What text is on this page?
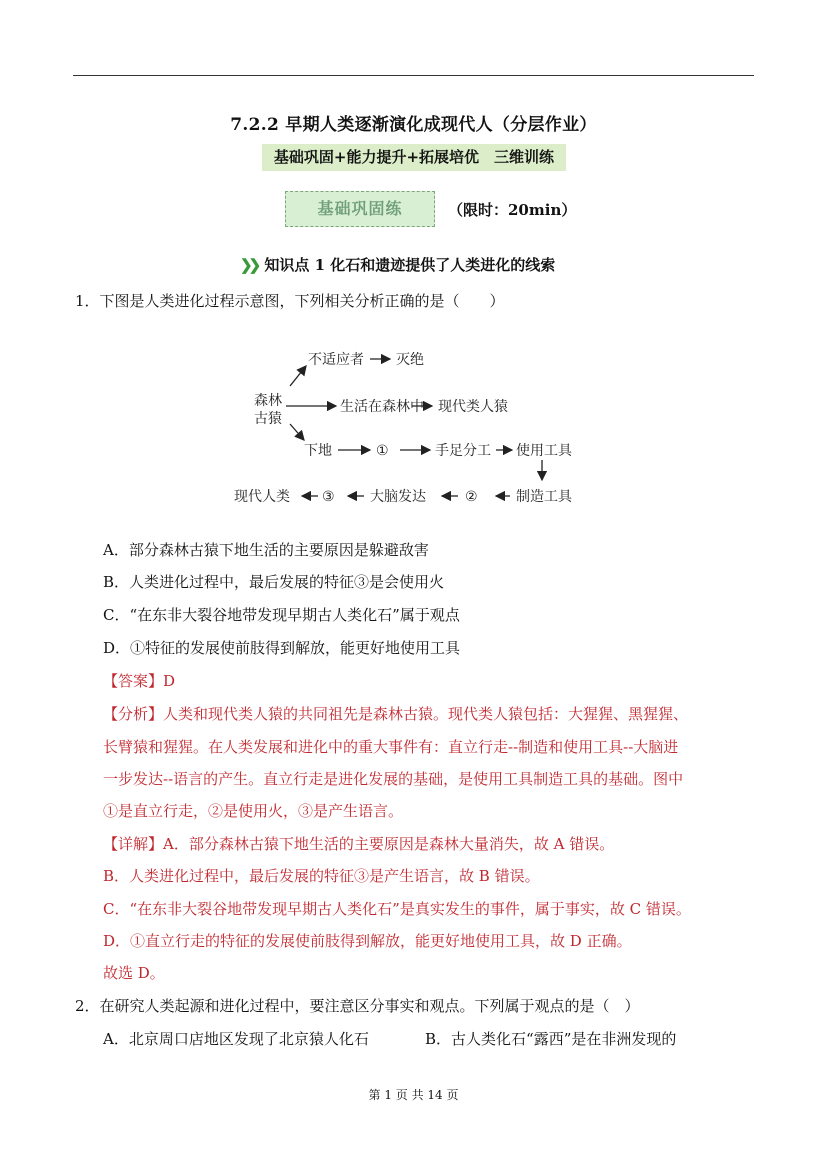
7.2.2 早期人类逐渐演化成现代人（分层作业）
基础巩固+能力提升+拓展培优　三维训练
基础巩固练	（限时：20min）
❯❯ 知识点 1 化石和遗迹提供了人类进化的线索
1．下图是人类进化过程示意图，下列相关分析正确的是（　　）
森林
古猿
不适应者 灭绝
生活在森林中 现代类人猿
下地	①	手足分工 使用工具
制造工具
②
大脑发达
③
现代人类
A．部分森林古猿下地生活的主要原因是躲避敌害
B．人类进化过程中，最后发展的特征③是会使用火
C．“在东非大裂谷地带发现早期古人类化石”属于观点
D．①特征的发展使前肢得到解放，能更好地使用工具
【答案】D
【分析】人类和现代类人猿的共同祖先是森林古猿。现代类人猿包括：大猩猩、黑猩猩、
长臂猿和猩猩。在人类发展和进化中的重大事件有：直立行走--制造和使用工具--大脑进
一步发达--语言的产生。直立行走是进化发展的基础，是使用工具制造工具的基础。图中
①是直立行走，②是使用火，③是产生语言。
【详解】A．部分森林古猿下地生活的主要原因是森林大量消失，故 A 错误。
B．人类进化过程中，最后发展的特征③是产生语言，故 B 错误。
C．“在东非大裂谷地带发现早期古人类化石”是真实发生的事件，属于事实，故 C 错误。
D．①直立行走的特征的发展使前肢得到解放，能更好地使用工具，故 D 正确。
故选 D。
2．在研究人类起源和进化过程中，要注意区分事实和观点。下列属于观点的是（　）
A．北京周口店地区发现了北京猿人化石	B．古人类化石“露西”是在非洲发现的
第 1 页 共 14 页
